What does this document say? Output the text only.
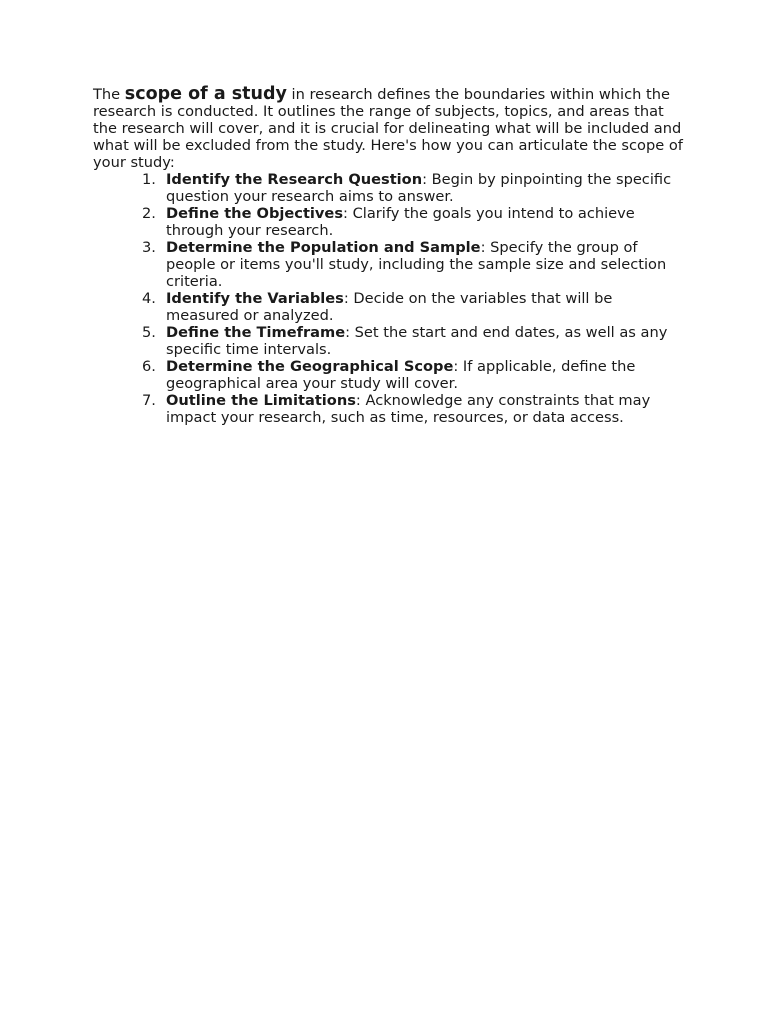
The scope of a study in research defines the boundaries within which the research is conducted. It outlines the range of subjects, topics, and areas that the research will cover, and it is crucial for delineating what will be included and what will be excluded from the study. Here's how you can articulate the scope of your study:

1. Identify the Research Question: Begin by pinpointing the specific question your research aims to answer.
2. Define the Objectives: Clarify the goals you intend to achieve through your research.
3. Determine the Population and Sample: Specify the group of people or items you'll study, including the sample size and selection criteria.
4. Identify the Variables: Decide on the variables that will be measured or analyzed.
5. Define the Timeframe: Set the start and end dates, as well as any specific time intervals.
6. Determine the Geographical Scope: If applicable, define the geographical area your study will cover.
7. Outline the Limitations: Acknowledge any constraints that may impact your research, such as time, resources, or data access.
